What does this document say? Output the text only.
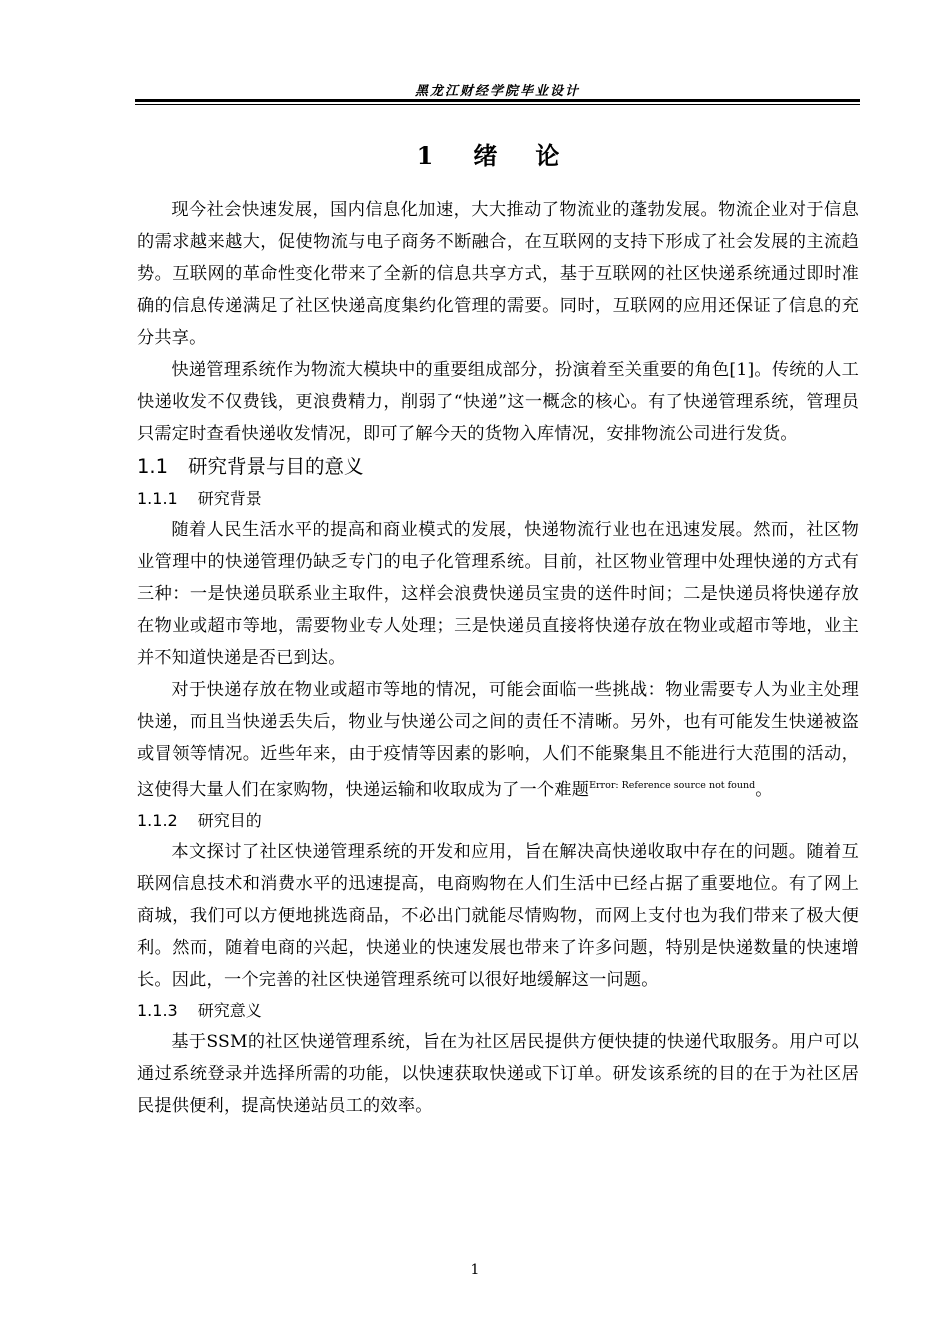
黑龙江财经学院毕业设计
1 绪 论

现今社会快速发展，国内信息化加速，大大推动了物流业的蓬勃发展。物流企业对于信息的需求越来越大，促使物流与电子商务不断融合，在互联网的支持下形成了社会发展的主流趋势。互联网的革命性变化带来了全新的信息共享方式，基于互联网的社区快递系统通过即时准确的信息传递满足了社区快递高度集约化管理的需要。同时，互联网的应用还保证了信息的充分共享。

快递管理系统作为物流大模块中的重要组成部分，扮演着至关重要的角色[1]。传统的人工快递收发不仅费钱，更浪费精力，削弱了“快递”这一概念的核心。有了快递管理系统，管理员只需定时查看快递收发情况，即可了解今天的货物入库情况，安排物流公司进行发货。

1.1 研究背景与目的意义
1.1.1 研究背景

随着人民生活水平的提高和商业模式的发展，快递物流行业也在迅速发展。然而，社区物业管理中的快递管理仍缺乏专门的电子化管理系统。目前，社区物业管理中处理快递的方式有三种：一是快递员联系业主取件，这样会浪费快递员宝贵的送件时间；二是快递员将快递存放在物业或超市等地，需要物业专人处理；三是快递员直接将快递存放在物业或超市等地，业主并不知道快递是否已到达。

对于快递存放在物业或超市等地的情况，可能会面临一些挑战：物业需要专人为业主处理快递，而且当快递丢失后，物业与快递公司之间的责任不清晰。另外，也有可能发生快递被盗或冒领等情况。近些年来，由于疫情等因素的影响，人们不能聚集且不能进行大范围的活动，这使得大量人们在家购物，快递运输和收取成为了一个难题$^{Error: Reference source not found}$。

1.1.2 研究目的

本文探讨了社区快递管理系统的开发和应用，旨在解决高快递收取中存在的问题。随着互联网信息技术和消费水平的迅速提高，电商购物在人们生活中已经占据了重要地位。有了网上商城，我们可以方便地挑选商品，不必出门就能尽情购物，而网上支付也为我们带来了极大便利。然而，随着电商的兴起，快递业的快速发展也带来了许多问题，特别是快递数量的快速增长。因此，一个完善的社区快递管理系统可以很好地缓解这一问题。

1.1.3 研究意义

基于SSM的社区快递管理系统，旨在为社区居民提供方便快捷的快递代取服务。用户可以通过系统登录并选择所需的功能，以快速获取快递或下订单。研发该系统的目的在于为社区居民提供便利，提高快递站员工的效率。

1
